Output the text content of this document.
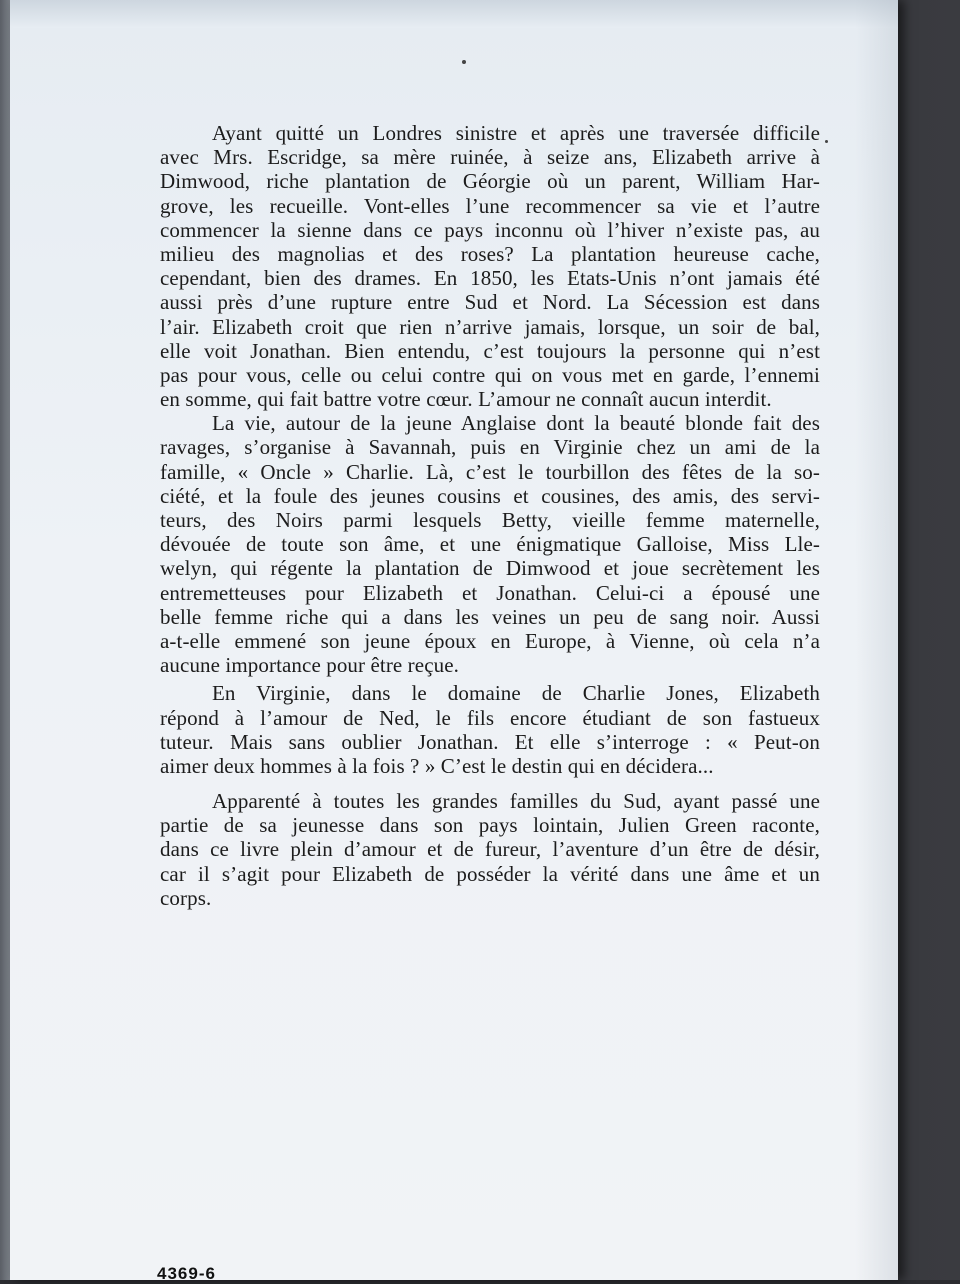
Ayant quitté un Londres sinistre et après une traversée difficile
avec Mrs. Escridge, sa mère ruinée, à seize ans, Elizabeth arrive à
Dimwood, riche plantation de Géorgie où un parent, William Har-
grove, les recueille. Vont-elles l’une recommencer sa vie et l’autre
commencer la sienne dans ce pays inconnu où l’hiver n’existe pas, au
milieu des magnolias et des roses? La plantation heureuse cache,
cependant, bien des drames. En 1850, les Etats-Unis n’ont jamais été
aussi près d’une rupture entre Sud et Nord. La Sécession est dans
l’air. Elizabeth croit que rien n’arrive jamais, lorsque, un soir de bal,
elle voit Jonathan. Bien entendu, c’est toujours la personne qui n’est
pas pour vous, celle ou celui contre qui on vous met en garde, l’ennemi
en somme, qui fait battre votre cœur. L’amour ne connaît aucun interdit.
La vie, autour de la jeune Anglaise dont la beauté blonde fait des
ravages, s’organise à Savannah, puis en Virginie chez un ami de la
famille, « Oncle » Charlie. Là, c’est le tourbillon des fêtes de la so-
ciété, et la foule des jeunes cousins et cousines, des amis, des servi-
teurs, des Noirs parmi lesquels Betty, vieille femme maternelle,
dévouée de toute son âme, et une énigmatique Galloise, Miss Lle-
welyn, qui régente la plantation de Dimwood et joue secrètement les
entremetteuses pour Elizabeth et Jonathan. Celui-ci a épousé une
belle femme riche qui a dans les veines un peu de sang noir. Aussi
a-t-elle emmené son jeune époux en Europe, à Vienne, où cela n’a
aucune importance pour être reçue.
En Virginie, dans le domaine de Charlie Jones, Elizabeth
répond à l’amour de Ned, le fils encore étudiant de son fastueux
tuteur. Mais sans oublier Jonathan. Et elle s’interroge : « Peut-on
aimer deux hommes à la fois ? » C’est le destin qui en décidera...
Apparenté à toutes les grandes familles du Sud, ayant passé une
partie de sa jeunesse dans son pays lointain, Julien Green raconte,
dans ce livre plein d’amour et de fureur, l’aventure d’un être de désir,
car il s’agit pour Elizabeth de posséder la vérité dans une âme et un
corps.
4369-6
